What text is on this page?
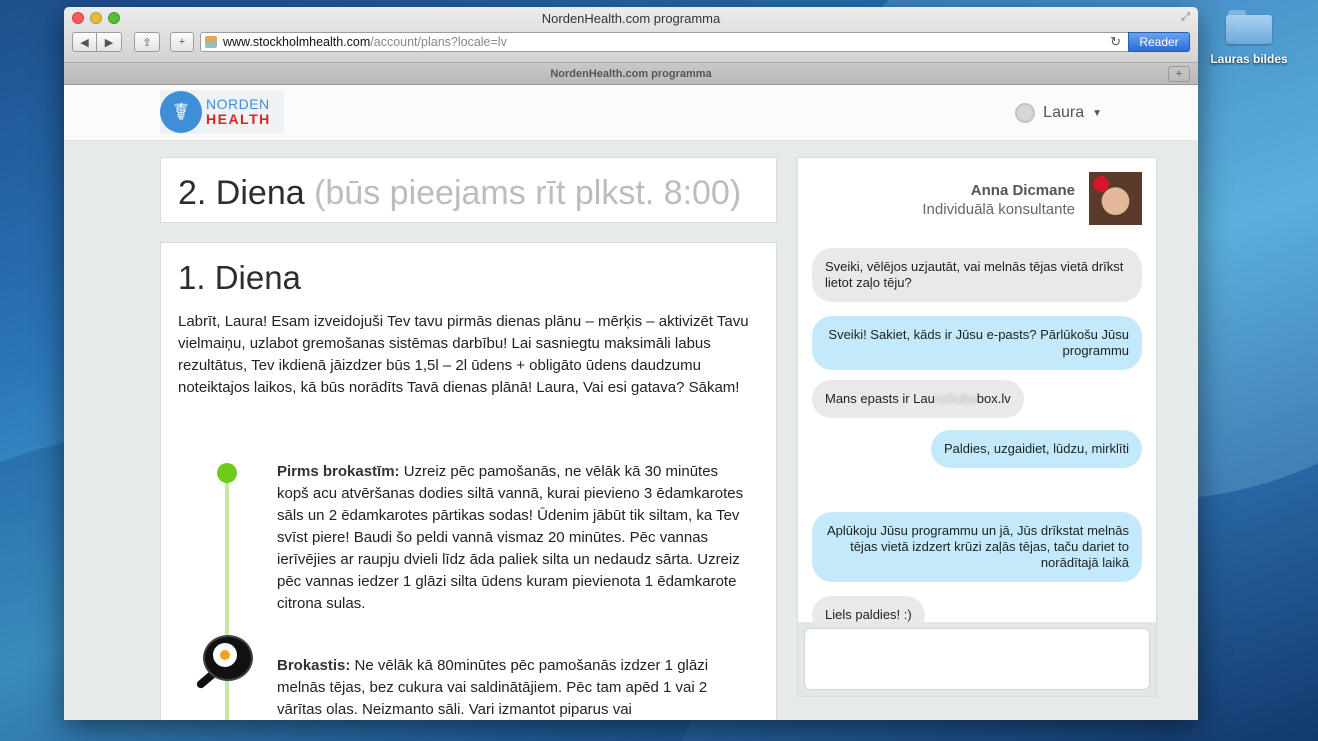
Lauras bildes
NordenHealth.com programma	⤢
◀	▶	⇪	+	www.stockholmhealth.com /account/plans?locale=lv	↻	Reader
NordenHealth.com programma	+
☤	NORDEN
HEALTH	Laura ▼
2. Diena (būs pieejams rīt plkst. 8:00)
1. Diena

Labrīt, Laura! Esam izveidojuši Tev tavu pirmās dienas plānu – mērķis – aktivizēt Tavu vielmaiņu, uzlabot gremošanas sistēmas darbību! Lai sasniegtu maksimāli labus rezultātus, Tev ikdienā jāizdzer būs 1,5l – 2l ūdens + obligāto ūdens daudzumu noteiktajos laikos, kā būs norādīts Tavā dienas plānā! Laura, Vai esi gatava? Sākam!

Pirms brokastīm: Uzreiz pēc pamošanās, ne vēlāk kā 30 minūtes kopš acu atvēršanas dodies siltā vannā, kurai pievieno 3 ēdamkarotes sāls un 2 ēdamkarotes pārtikas sodas! Ūdenim jābūt tik siltam, ka Tev svīst piere! Baudi šo peldi vannā vismaz 20 minūtes. Pēc vannas ierīvējies ar raupju dvieli līdz āda paliek silta un nedaudz sārta. Uzreiz pēc vannas iedzer 1 glāzi silta ūdens kuram pievienota 1 ēdamkarote citrona sulas.

Brokastis: Ne vēlāk kā 80minūtes pēc pamošanās izdzer 1 glāzi melnās tējas, bez cukura vai saldinātājiem. Pēc tam apēd 1 vai 2 vārītas olas. Neizmanto sāli. Vari izmantot piparus vai

Anna Dicmane
Individuālā konsultante
Sveiki, vēlējos uzjautāt, vai melnās tējas vietā drīkst lietot zaļo tēju?
Sveiki! Sakiet, kāds ir Jūsu e-pasts? Pārlūkošu Jūsu programmu
Mans epasts ir LauraSubabox.lv
Paldies, uzgaidiet, lūdzu, mirklīti
Aplūkoju Jūsu programmu un jā, Jūs drīkstat melnās tējas vietā izdzert krūzi zaļās tējas, taču dariet to norādītajā laikā
Liels paldies! :)
